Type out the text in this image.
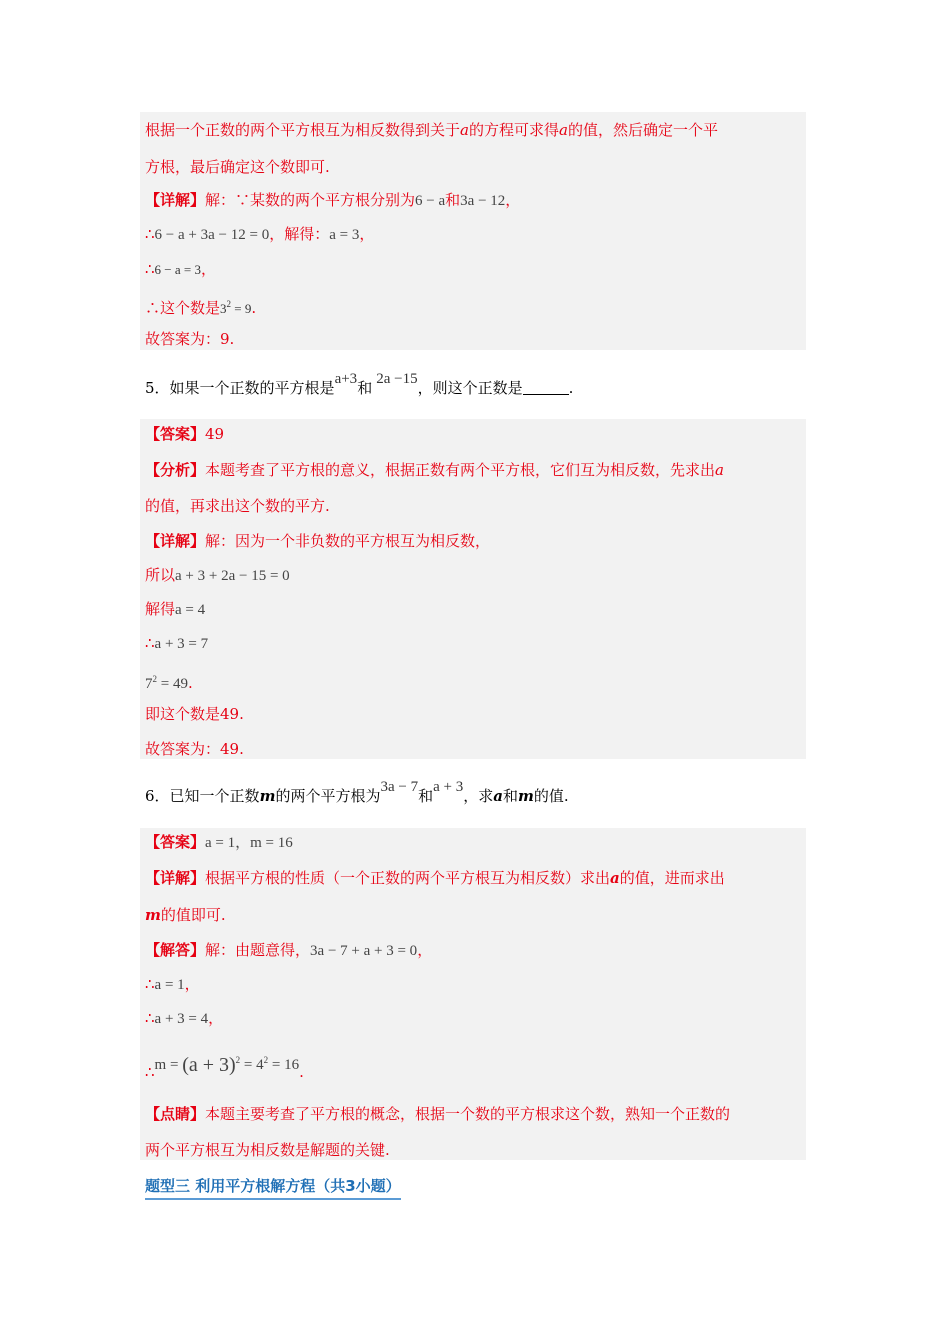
根据一个正数的两个平方根互为相反数得到关于a的方程可求得a的值，然后确定一个平
方根，最后确定这个数即可.
【详解】解：∵某数的两个平方根分别为6 − a和3a − 12，
∴6 − a + 3a − 12 = 0，解得：a = 3，
∴6 − a = 3，
∴这个数是$3^2 = 9$.
故答案为：9.
5．如果一个正数的平方根是a+3和 2a −15，则这个正数是	.
【答案】49
【分析】本题考查了平方根的意义，根据正数有两个平方根，它们互为相反数，先求出a
的值，再求出这个数的平方.
【详解】解：因为一个非负数的平方根互为相反数，
所以a + 3 + 2a − 15 = 0
解得a = 4
∴a + 3 = 7
$7^2 = 49$.
即这个数是49.
故答案为：49.
6．已知一个正数m的两个平方根为3a − 7和a + 3，求a和m的值.
【答案】a = 1，m = 16
【详解】根据平方根的性质（一个正数的两个平方根互为相反数）求出a的值，进而求出
m的值即可.
【解答】解：由题意得，3a − 7 + a + 3 = 0，
∴a = 1，
∴a + 3 = 4，
∴m = $(a + 3)^2 = 4^2 = 16$.
【点睛】本题主要考查了平方根的概念，根据一个数的平方根求这个数，熟知一个正数的
两个平方根互为相反数是解题的关键.
题型三 利用平方根解方程（共3小题）
